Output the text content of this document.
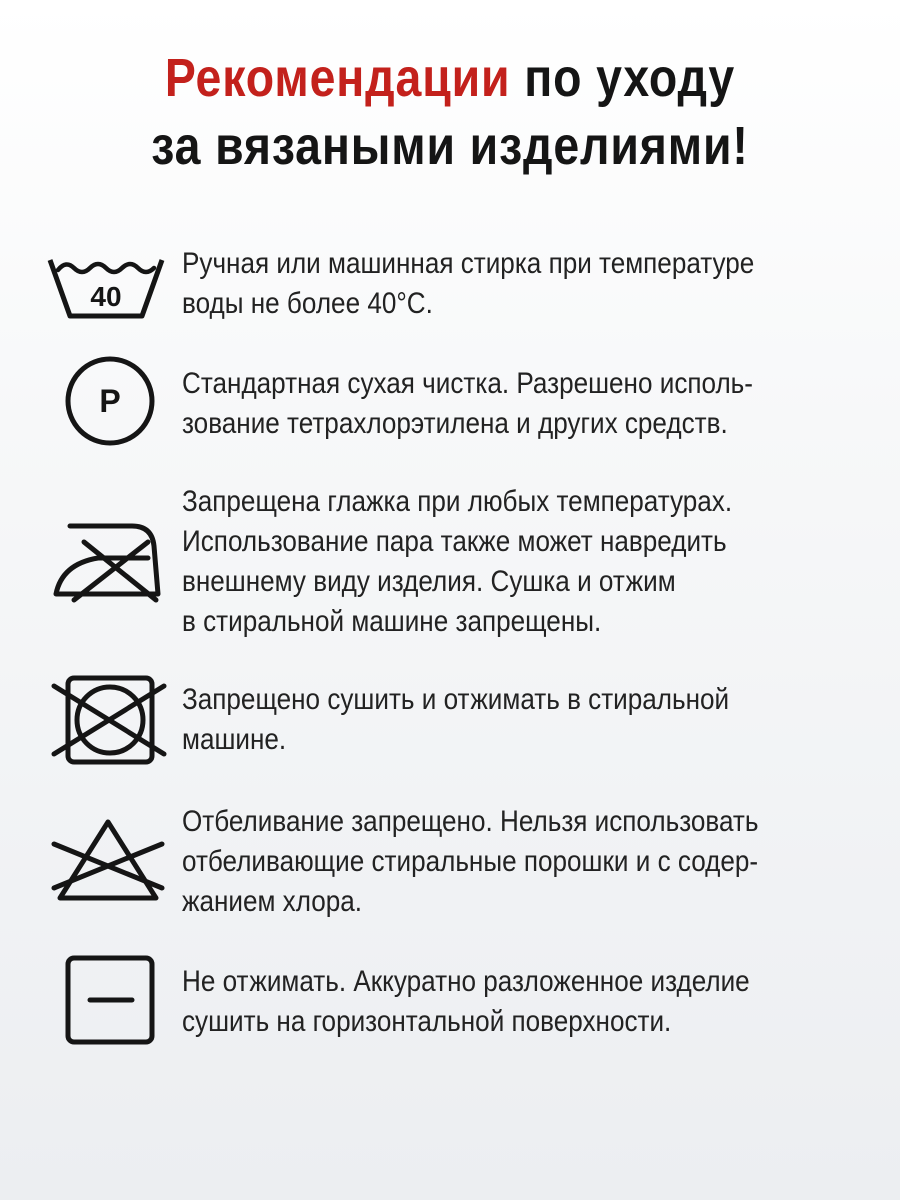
Рекомендации по уходу
за вязаными изделиями!
40
Ручная или машинная стирка при температуре
воды не более 40°С.
P Стандартная сухая чистка. Разрешено исполь-
зование тетрахлорэтилена и других средств.
Запрещена глажка при любых температурах.
Использование пара также может навредить
внешнему виду изделия. Сушка и отжим
в стиральной машине запрещены.
Запрещено сушить и отжимать в стиральной
машине.
Отбеливание запрещено. Нельзя использовать
отбеливающие стиральные порошки и с содер-
жанием хлора.
Не отжимать. Аккуратно разложенное изделие
сушить на горизонтальной поверхности.
